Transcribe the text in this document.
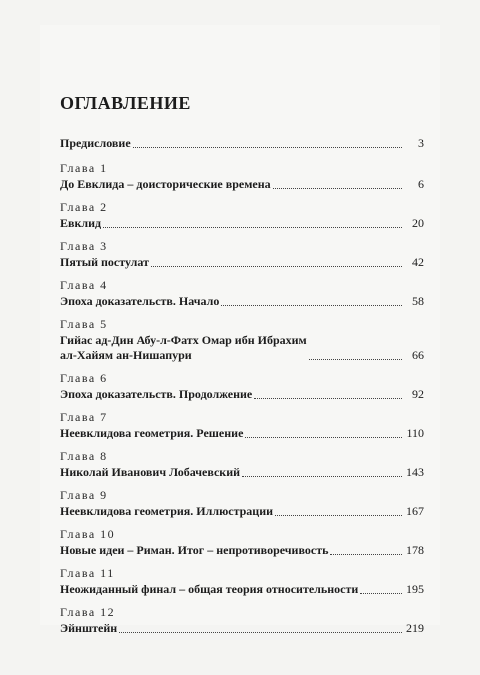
ОГЛАВЛЕНИЕ
Предисловие	3
Глава 1
До Евклида – доисторические времена	6
Глава 2
Евклид	20
Глава 3
Пятый постулат	42
Глава 4
Эпоха доказательств. Начало	58
Глава 5
Гийас ад-Дин Абу-л-Фатх Омар ибн Ибрахим
ал-Хайям ан-Нишапури	66
Глава 6
Эпоха доказательств. Продолжение	92
Глава 7
Неевклидова геометрия. Решение	110
Глава 8
Николай Иванович Лобачевский	143
Глава 9
Неевклидова геометрия. Иллюстрации	167
Глава 10
Новые идеи – Риман. Итог – непротиворечивость	178
Глава 11
Неожиданный финал – общая теория относительности	195
Глава 12
Эйнштейн	219
